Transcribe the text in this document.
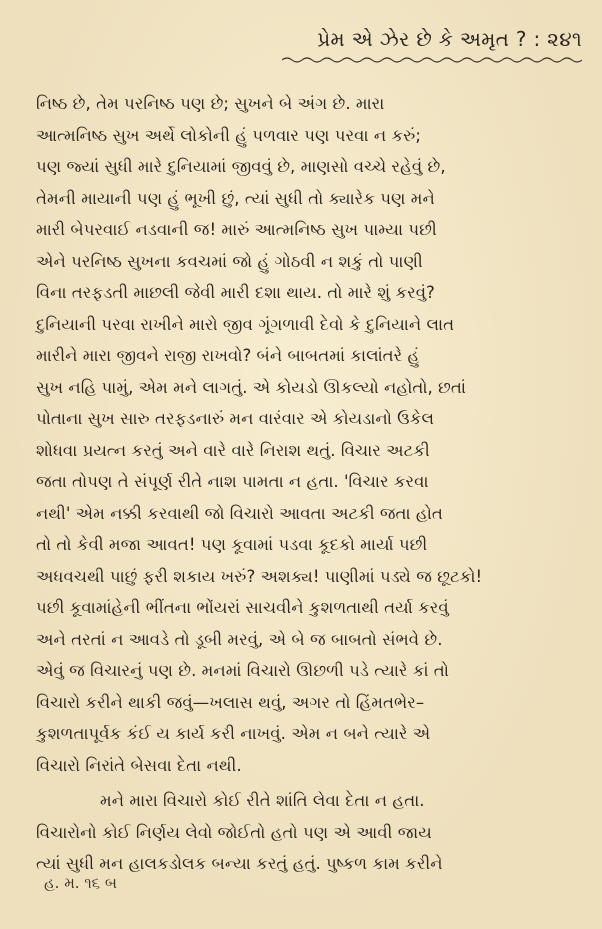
પ્રેમ એ ઝેર છે કે અમૃત ? : ૨૪૧
નિષ્ઠ છે, તેમ પરનિષ્ઠ પણ છે; સુખને બે અંગ છે. મારા
આત્મનિષ્ઠ સુખ અર્થે લોકોની હું પળવાર પણ પરવા ન કરું;
પણ જ્યાં સુધી મારે દુનિયામાં જીવવું છે, માણસો વચ્ચે રહેવું છે,
તેમની માયાની પણ હું ભૂખી છું, ત્યાં સુધી તો ક્યારેક પણ મને
મારી બેપરવાઈ નડવાની જ! મારું આત્મનિષ્ઠ સુખ પામ્યા પછી
એને પરનિષ્ઠ સુખના કવચમાં જો હું ગોઠવી ન શકું તો પાણી
વિના તરફડતી માછલી જેવી મારી દશા થાય. તો મારે શું કરવું?
દુનિયાની પરવા રાખીને મારો જીવ ગૂંગળાવી દેવો કે દુનિયાને લાત
મારીને મારા જીવને રાજી રાખવો? બંને બાબતમાં કાલાંતરે હું
સુખ નહિ પામું, એમ મને લાગતું. એ કોયડો ઊકલ્યો નહોતો, છતાં
પોતાના સુખ સારુ તરફડનારું મન વારંવાર એ કોયડાનો ઉકેલ
શોધવા પ્રયત્ન કરતું અને વારે વારે નિરાશ થતું. વિચાર અટકી
જતા તોપણ તે સંપૂર્ણ રીતે નાશ પામતા ન હતા. 'વિચાર કરવા
નથી' એમ નક્કી કરવાથી જો વિચારો આવતા અટકી જતા હોત
તો તો કેવી મજા આવત! પણ કૂવામાં પડવા કૂદકો માર્યા પછી
અધવચથી પાછું ફરી શકાય ખરું? અશક્ય! પાણીમાં પડ્યે જ છૂટકો!
પછી કૂવામાંહેની ભીંતના ભોંયરાં સાચવીને કુશળતાથી તર્યા કરવું
અને તરતાં ન આવડે તો ડૂબી મરવું, એ બે જ બાબતો સંભવે છે.
એવું જ વિચારનું પણ છે. મનમાં વિચારો ઊછળી પડે ત્યારે કાં તો
વિચારો કરીને થાકી જવું—ખલાસ થવું, અગર તો હિંમતભેર–
કુશળતાપૂર્વક કંઈ ય કાર્ય કરી નાખવું. એમ ન બને ત્યારે એ
વિચારો નિરાંતે બેસવા દેતા નથી.
મને મારા વિચારો કોઈ રીતે શાંતિ લેવા દેતા ન હતા.
વિચારોનો કોઈ નિર્ણય લેવો જોઈતો હતો પણ એ આવી જાય
ત્યાં સુધી મન હાલકડોલક બન્યા કરતું હતું. પુષ્કળ કામ કરીને
હ. મ. ૧૬ બ
